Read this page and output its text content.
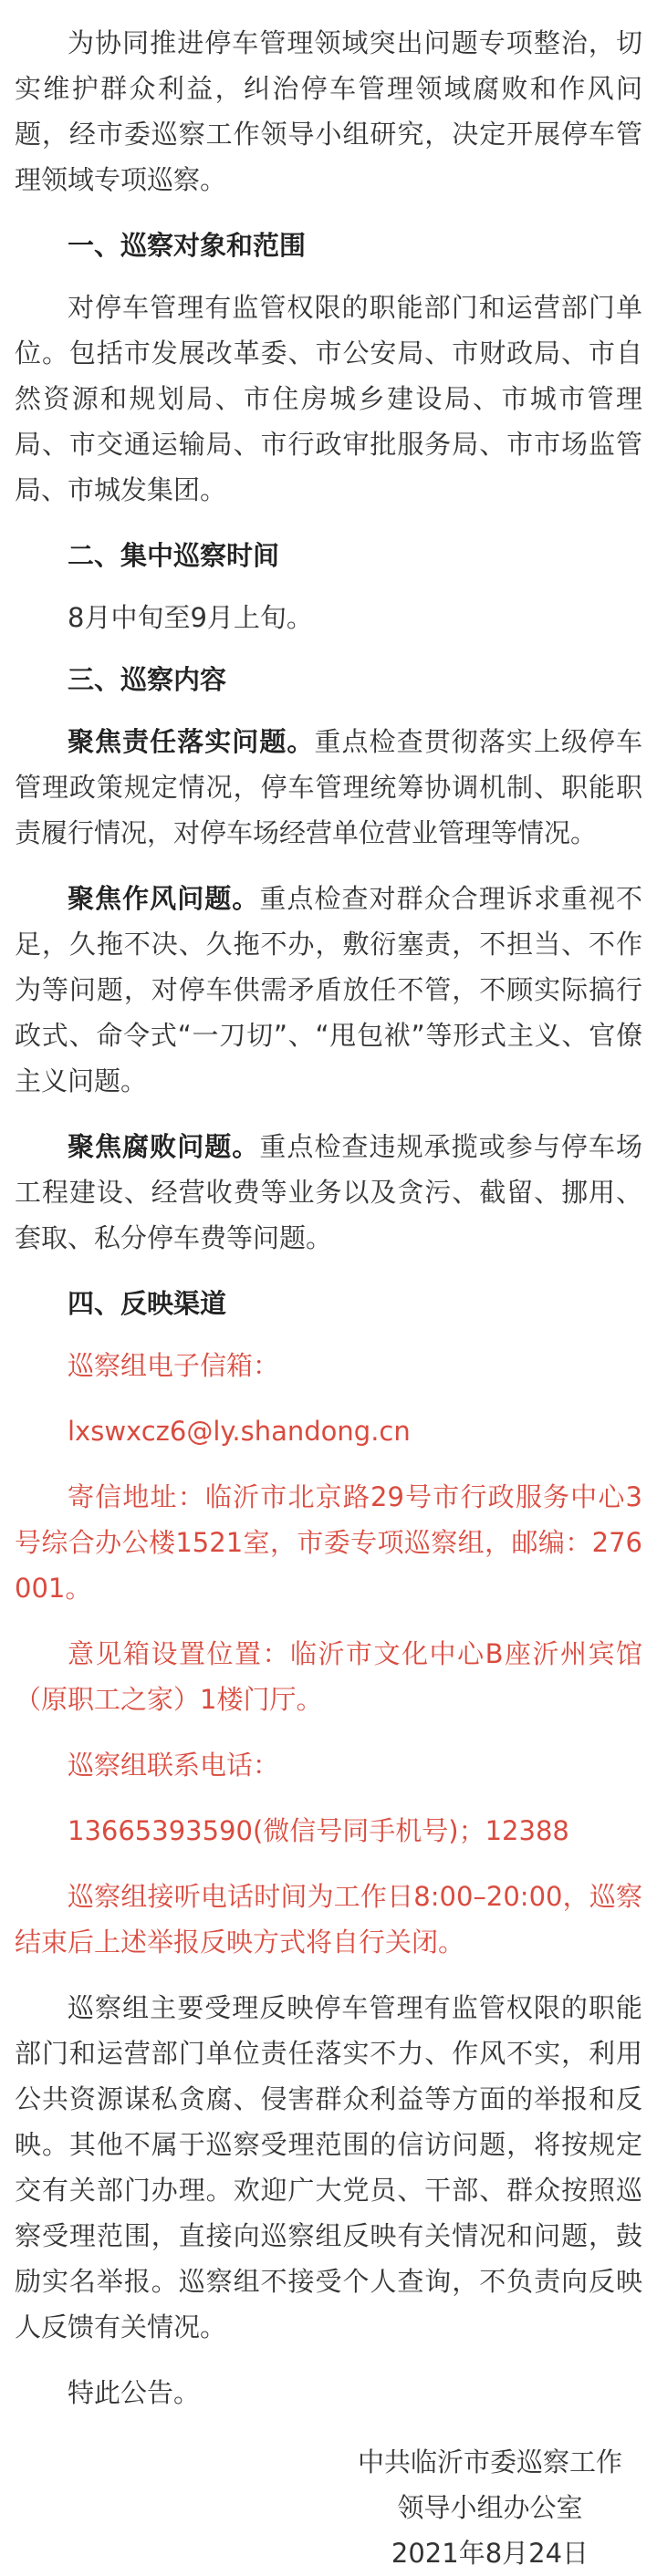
为协同推进停车管理领域突出问题专项整治，切实维护群众利益，纠治停车管理领域腐败和作风问题，经市委巡察工作领导小组研究，决定开展停车管理领域专项巡察。

一、巡察对象和范围

对停车管理有监管权限的职能部门和运营部门单位。包括市发展改革委、市公安局、市财政局、市自然资源和规划局、市住房城乡建设局、市城市管理局、市交通运输局、市行政审批服务局、市市场监管局、市城发集团。

二、集中巡察时间

8月中旬至9月上旬。

三、巡察内容

聚焦责任落实问题。重点检查贯彻落实上级停车管理政策规定情况，停车管理统筹协调机制、职能职责履行情况，对停车场经营单位营业管理等情况。

聚焦作风问题。重点检查对群众合理诉求重视不足，久拖不决、久拖不办，敷衍塞责，不担当、不作为等问题，对停车供需矛盾放任不管，不顾实际搞行政式、命令式“一刀切”、“甩包袱”等形式主义、官僚主义问题。

聚焦腐败问题。重点检查违规承揽或参与停车场工程建设、经营收费等业务以及贪污、截留、挪用、套取、私分停车费等问题。

四、反映渠道

巡察组电子信箱：

lxswxcz6@ly.shandong.cn

寄信地址：临沂市北京路29号市行政服务中心3号综合办公楼1521室，市委专项巡察组，邮编：276001。

意见箱设置位置：临沂市文化中心B座沂州宾馆（原职工之家）1楼门厅。

巡察组联系电话：

13665393590(微信号同手机号)；12388

巡察组接听电话时间为工作日8:00–20:00，巡察结束后上述举报反映方式将自行关闭。

巡察组主要受理反映停车管理有监管权限的职能部门和运营部门单位责任落实不力、作风不实，利用公共资源谋私贪腐、侵害群众利益等方面的举报和反映。其他不属于巡察受理范围的信访问题，将按规定交有关部门办理。欢迎广大党员、干部、群众按照巡察受理范围，直接向巡察组反映有关情况和问题，鼓励实名举报。巡察组不接受个人查询，不负责向反映人反馈有关情况。

特此公告。

中共临沂市委巡察工作
领导小组办公室
2021年8月24日
